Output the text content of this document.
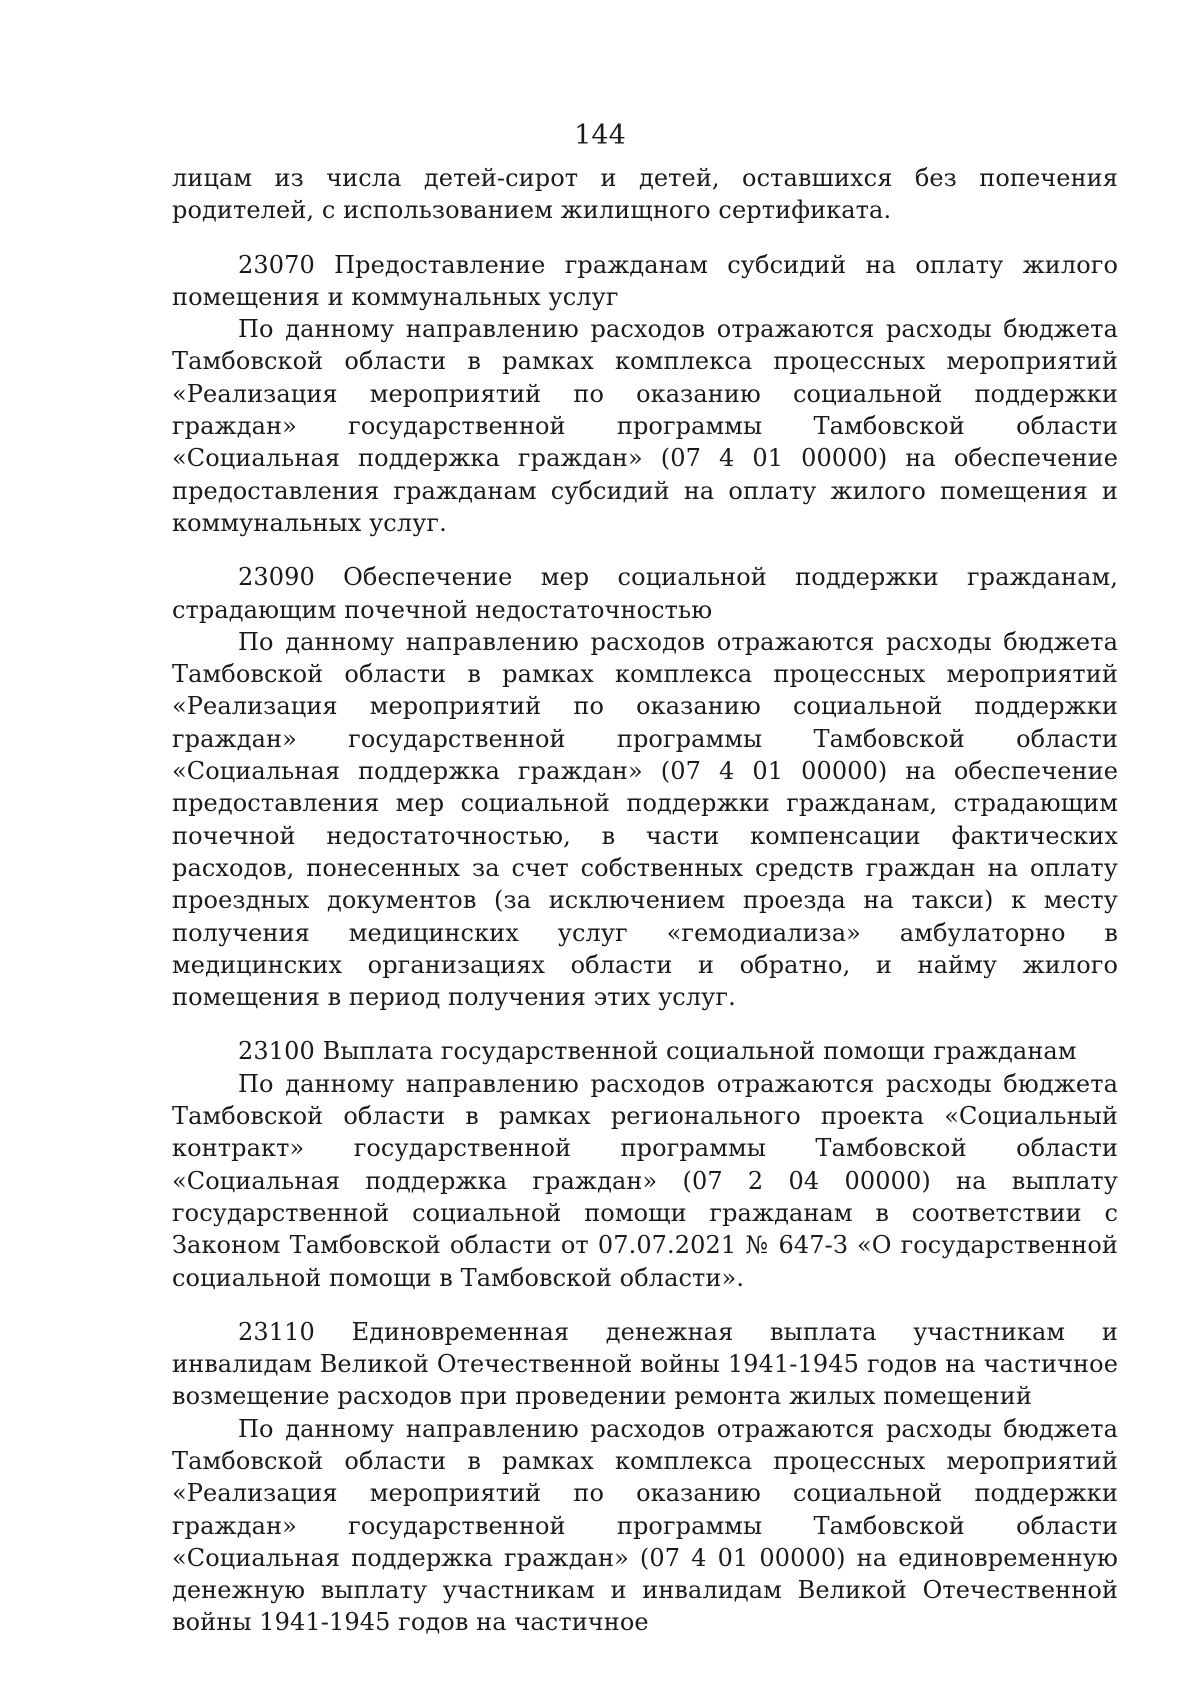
144

лицам из числа детей-сирот и детей, оставшихся без попечения родителей, с использованием жилищного сертификата.

23070 Предоставление гражданам субсидий на оплату жилого помещения и коммунальных услуг

По данному направлению расходов отражаются расходы бюджета Тамбовской области в рамках комплекса процессных мероприятий «Реализация мероприятий по оказанию социальной поддержки граждан» государственной программы Тамбовской области «Социальная поддержка граждан» (07 4 01 00000) на обеспечение предоставления гражданам субсидий на оплату жилого помещения и коммунальных услуг.

23090 Обеспечение мер социальной поддержки гражданам, страдающим почечной недостаточностью

По данному направлению расходов отражаются расходы бюджета Тамбовской области в рамках комплекса процессных мероприятий «Реализация мероприятий по оказанию социальной поддержки граждан» государственной программы Тамбовской области «Социальная поддержка граждан» (07 4 01 00000) на обеспечение предоставления мер социальной поддержки гражданам, страдающим почечной недостаточностью, в части компенсации фактических расходов, понесенных за счет собственных средств граждан на оплату проездных документов (за исключением проезда на такси) к месту получения медицинских услуг «гемодиализа» амбулаторно в медицинских организациях области и обратно, и найму жилого помещения в период получения этих услуг.

23100 Выплата государственной социальной помощи гражданам

По данному направлению расходов отражаются расходы бюджета Тамбовской области в рамках регионального проекта «Социальный контракт» государственной программы Тамбовской области «Социальная поддержка граждан» (07 2 04 00000) на выплату государственной социальной помощи гражданам в соответствии с Законом Тамбовской области от 07.07.2021 № 647-З «О государственной социальной помощи в Тамбовской области».

23110 Единовременная денежная выплата участникам и инвалидам Великой Отечественной войны 1941-1945 годов на частичное возмещение расходов при проведении ремонта жилых помещений

По данному направлению расходов отражаются расходы бюджета Тамбовской области в рамках комплекса процессных мероприятий «Реализация мероприятий по оказанию социальной поддержки граждан» государственной программы Тамбовской области «Социальная поддержка граждан» (07 4 01 00000) на единовременную денежную выплату участникам и инвалидам Великой Отечественной войны 1941-1945 годов на частичное
